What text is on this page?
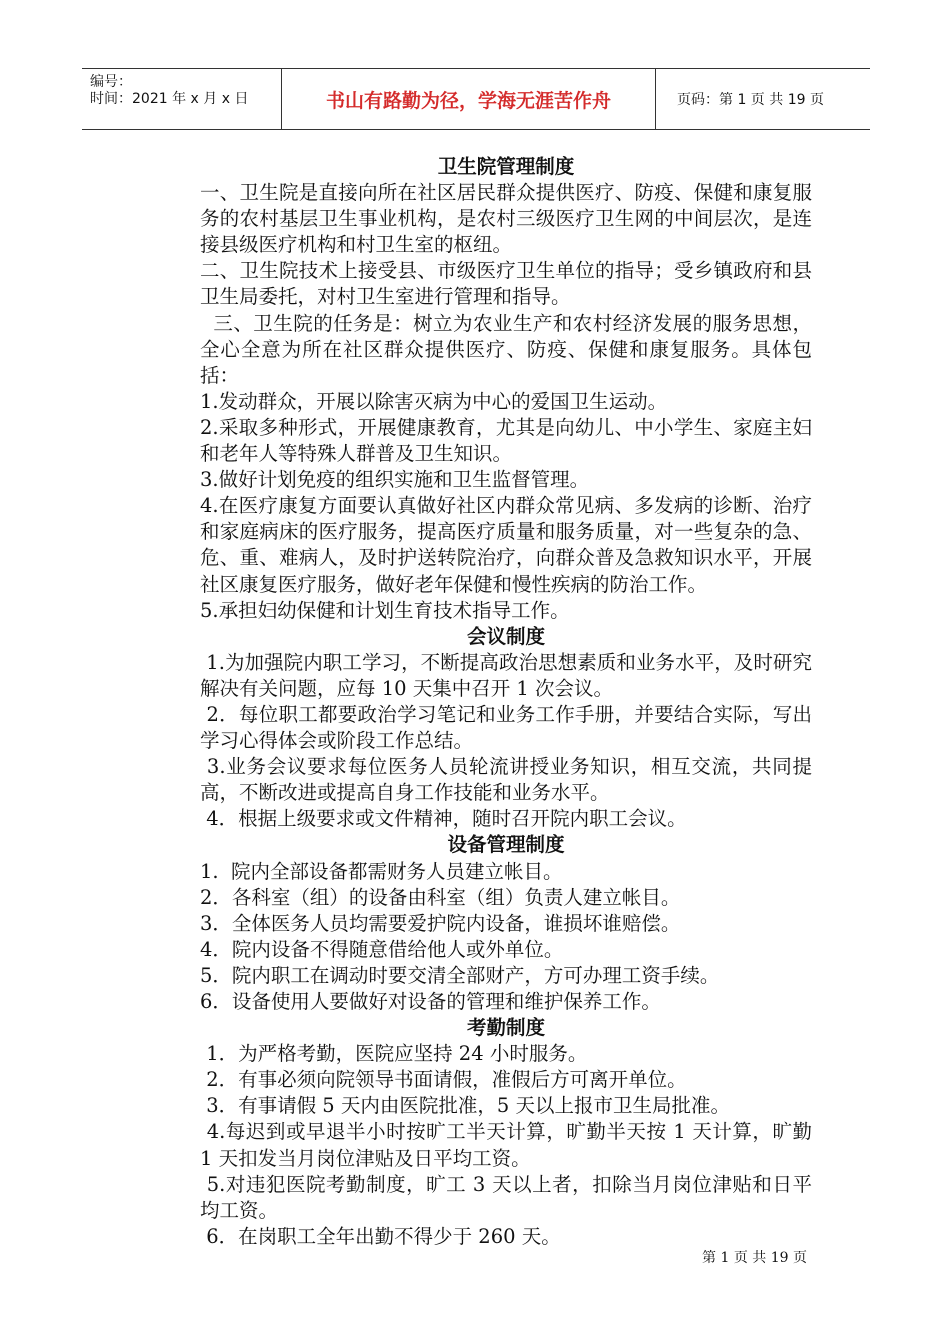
编号：
时间：2021 年 x 月 x 日	书山有路勤为径，学海无涯苦作舟	页码：第 1 页 共 19 页

卫生院管理制度

一、卫生院是直接向所在社区居民群众提供医疗、防疫、保健和康复服务的农村基层卫生事业机构，是农村三级医疗卫生网的中间层次，是连接县级医疗机构和村卫生室的枢纽。

二、卫生院技术上接受县、市级医疗卫生单位的指导；受乡镇政府和县卫生局委托，对村卫生室进行管理和指导。

三、卫生院的任务是：树立为农业生产和农村经济发展的服务思想，全心全意为所在社区群众提供医疗、防疫、保健和康复服务。具体包括：

1.发动群众，开展以除害灭病为中心的爱国卫生运动。

2.采取多种形式，开展健康教育，尤其是向幼儿、中小学生、家庭主妇和老年人等特殊人群普及卫生知识。

3.做好计划免疫的组织实施和卫生监督管理。

4.在医疗康复方面要认真做好社区内群众常见病、多发病的诊断、治疗和家庭病床的医疗服务，提高医疗质量和服务质量，对一些复杂的急、危、重、难病人，及时护送转院治疗，向群众普及急救知识水平，开展社区康复医疗服务，做好老年保健和慢性疾病的防治工作。

5.承担妇幼保健和计划生育技术指导工作。

会议制度

1.为加强院内职工学习，不断提高政治思想素质和业务水平，及时研究解决有关问题，应每 10 天集中召开 1 次会议。

2．每位职工都要政治学习笔记和业务工作手册，并要结合实际，写出学习心得体会或阶段工作总结。

3.业务会议要求每位医务人员轮流讲授业务知识，相互交流，共同提高，不断改进或提高自身工作技能和业务水平。

4．根据上级要求或文件精神，随时召开院内职工会议。

设备管理制度

1.  院内全部设备都需财务人员建立帐目。

2．各科室（组）的设备由科室（组）负责人建立帐目。

3．全体医务人员均需要爱护院内设备，谁损坏谁赔偿。

4．院内设备不得随意借给他人或外单位。

5．院内职工在调动时要交清全部财产，方可办理工资手续。

6．设备使用人要做好对设备的管理和维护保养工作。

考勤制度

1．为严格考勤，医院应坚持 24 小时服务。

2．有事必须向院领导书面请假，准假后方可离开单位。

3．有事请假 5 天内由医院批准，5 天以上报市卫生局批准。

4.每迟到或早退半小时按旷工半天计算，旷勤半天按 1 天计算，旷勤 1 天扣发当月岗位津贴及日平均工资。

5.对违犯医院考勤制度，旷工 3 天以上者，扣除当月岗位津贴和日平均工资。

6．在岗职工全年出勤不得少于 260 天。

第 1 页 共 19 页
